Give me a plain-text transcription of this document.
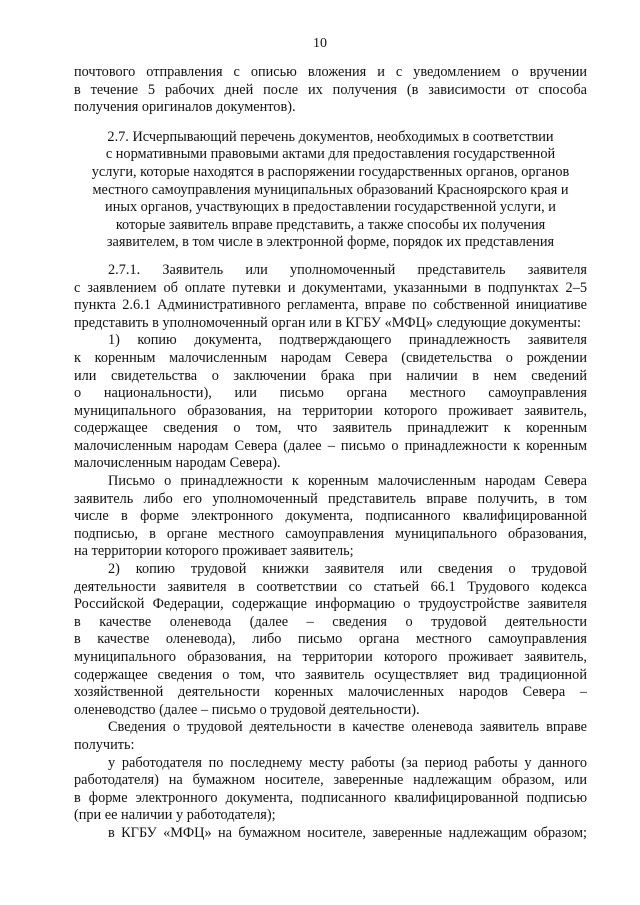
10
почтового отправления с описью вложения и с уведомлением о вручении
в течение 5 рабочих дней после их получения (в зависимости от способа
получения оригиналов документов).
2.7. Исчерпывающий перечень документов, необходимых в соответствии
с нормативными правовыми актами для предоставления государственной
услуги, которые находятся в распоряжении государственных органов, органов
местного самоуправления муниципальных образований Красноярского края и
иных органов, участвующих в предоставлении государственной услуги, и
которые заявитель вправе представить, а также способы их получения
заявителем, в том числе в электронной форме, порядок их представления
2.7.1. Заявитель или уполномоченный представитель заявителя
с заявлением об оплате путевки и документами, указанными в подпунктах 2–5
пункта 2.6.1 Административного регламента, вправе по собственной инициативе
представить в уполномоченный орган или в КГБУ «МФЦ» следующие документы:
1) копию документа, подтверждающего принадлежность заявителя
к коренным малочисленным народам Севера (свидетельства о рождении
или свидетельства о заключении брака при наличии в нем сведений
о национальности), или письмо органа местного самоуправления
муниципального образования, на территории которого проживает заявитель,
содержащее сведения о том, что заявитель принадлежит к коренным
малочисленным народам Севера (далее – письмо о принадлежности к коренным
малочисленным народам Севера).
Письмо о принадлежности к коренным малочисленным народам Севера
заявитель либо его уполномоченный представитель вправе получить, в том
числе в форме электронного документа, подписанного квалифицированной
подписью, в органе местного самоуправления муниципального образования,
на территории которого проживает заявитель;
2) копию трудовой книжки заявителя или сведения о трудовой
деятельности заявителя в соответствии со статьей 66.1 Трудового кодекса
Российской Федерации, содержащие информацию о трудоустройстве заявителя
в качестве оленевода (далее – сведения о трудовой деятельности
в качестве оленевода), либо письмо органа местного самоуправления
муниципального образования, на территории которого проживает заявитель,
содержащее сведения о том, что заявитель осуществляет вид традиционной
хозяйственной деятельности коренных малочисленных народов Севера –
оленеводство (далее – письмо о трудовой деятельности).
Сведения о трудовой деятельности в качестве оленевода заявитель вправе
получить:
у работодателя по последнему месту работы (за период работы у данного
работодателя) на бумажном носителе, заверенные надлежащим образом, или
в форме электронного документа, подписанного квалифицированной подписью
(при ее наличии у работодателя);
в КГБУ «МФЦ» на бумажном носителе, заверенные надлежащим образом;
